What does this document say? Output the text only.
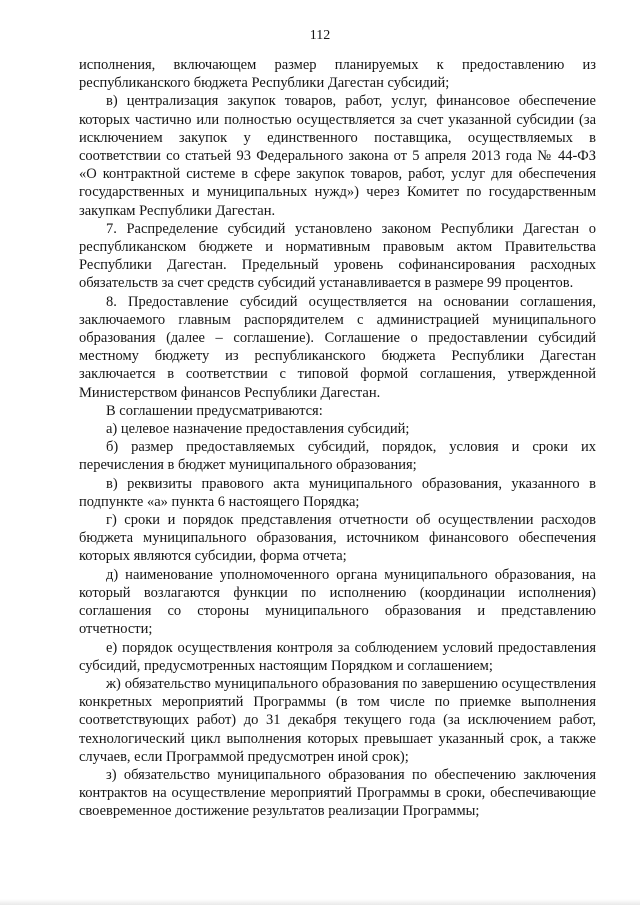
112

исполнения, включающем размер планируемых к предоставлению из республиканского бюджета Республики Дагестан субсидий;

в) централизация закупок товаров, работ, услуг, финансовое обеспечение которых частично или полностью осуществляется за счет указанной субсидии (за исключением закупок у единственного поставщика, осуществляемых в соответствии со статьей 93 Федерального закона от 5 апреля 2013 года № 44-ФЗ «О контрактной системе в сфере закупок товаров, работ, услуг для обеспечения государственных и муниципальных нужд») через Комитет по государственным закупкам Республики Дагестан.

7. Распределение субсидий установлено законом Республики Дагестан о республиканском бюджете и нормативным правовым актом Правительства Республики Дагестан. Предельный уровень софинансирования расходных обязательств за счет средств субсидий устанавливается в размере 99 процентов.

8. Предоставление субсидий осуществляется на основании соглашения, заключаемого главным распорядителем с администрацией муниципального образования (далее – соглашение). Соглашение о предоставлении субсидий местному бюджету из республиканского бюджета Республики Дагестан заключается в соответствии с типовой формой соглашения, утвержденной Министерством финансов Республики Дагестан.

В соглашении предусматриваются:

а) целевое назначение предоставления субсидий;

б) размер предоставляемых субсидий, порядок, условия и сроки их перечисления в бюджет муниципального образования;

в) реквизиты правового акта муниципального образования, указанного в подпункте «а» пункта 6 настоящего Порядка;

г) сроки и порядок представления отчетности об осуществлении расходов бюджета муниципального образования, источником финансового обеспечения которых являются субсидии, форма отчета;

д) наименование уполномоченного органа муниципального образования, на который возлагаются функции по исполнению (координации исполнения) соглашения со стороны муниципального образования и представлению отчетности;

е) порядок осуществления контроля за соблюдением условий предоставления субсидий, предусмотренных настоящим Порядком и соглашением;

ж) обязательство муниципального образования по завершению осуществления конкретных мероприятий Программы (в том числе по приемке выполнения соответствующих работ) до 31 декабря текущего года (за исключением работ, технологический цикл выполнения которых превышает указанный срок, а также случаев, если Программой предусмотрен иной срок);

з) обязательство муниципального образования по обеспечению заключения контрактов на осуществление мероприятий Программы в сроки, обеспечивающие своевременное достижение результатов реализации Программы;
